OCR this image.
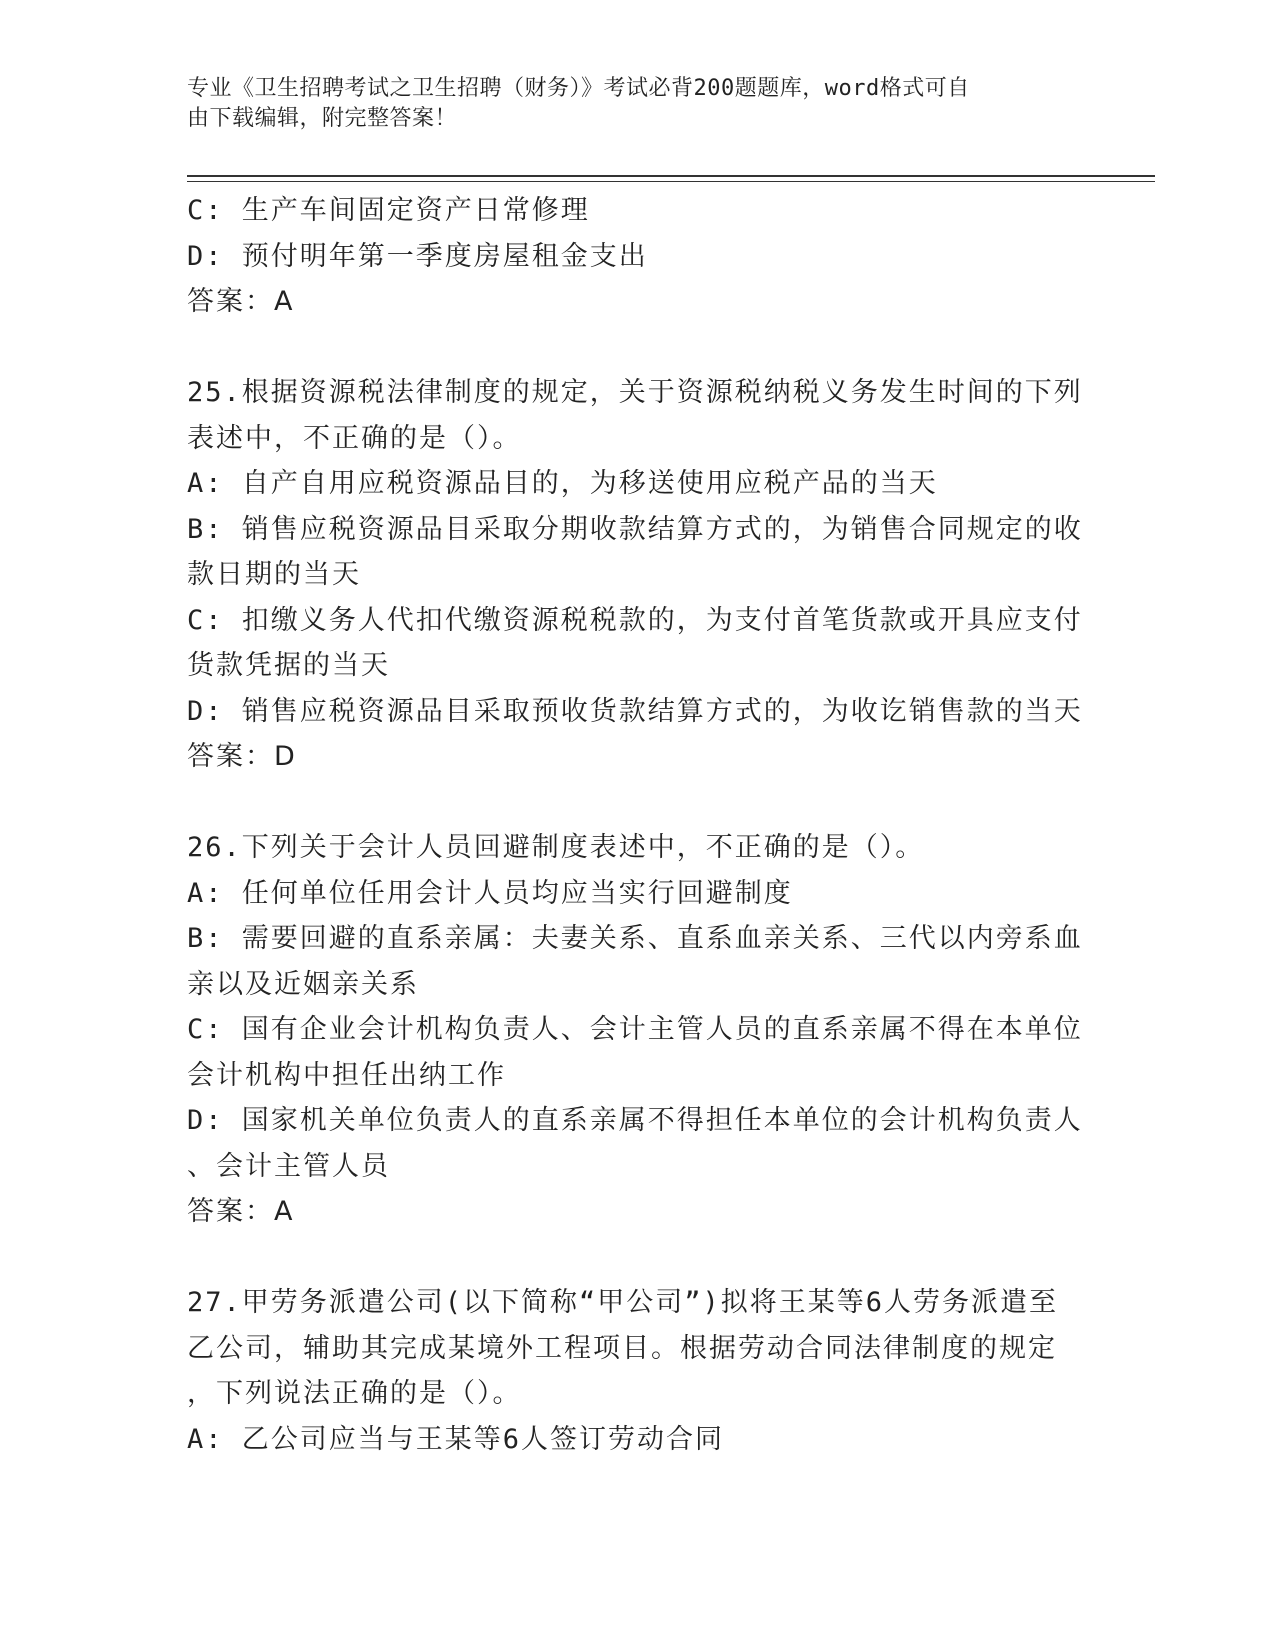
专业《卫生招聘考试之卫生招聘（财务）》考试必背200题题库，word格式可自
由下载编辑，附完整答案！
C: 生产车间固定资产日常修理
D: 预付明年第一季度房屋租金支出
答案：A
25.根据资源税法律制度的规定，关于资源税纳税义务发生时间的下列
表述中，不正确的是（）。
A: 自产自用应税资源品目的，为移送使用应税产品的当天
B: 销售应税资源品目采取分期收款结算方式的，为销售合同规定的收
款日期的当天
C: 扣缴义务人代扣代缴资源税税款的，为支付首笔货款或开具应支付
货款凭据的当天
D: 销售应税资源品目采取预收货款结算方式的，为收讫销售款的当天
答案：D
26.下列关于会计人员回避制度表述中，不正确的是（）。
A: 任何单位任用会计人员均应当实行回避制度
B: 需要回避的直系亲属：夫妻关系、直系血亲关系、三代以内旁系血
亲以及近姻亲关系
C: 国有企业会计机构负责人、会计主管人员的直系亲属不得在本单位
会计机构中担任出纳工作
D: 国家机关单位负责人的直系亲属不得担任本单位的会计机构负责人
、会计主管人员
答案：A
27.甲劳务派遣公司(以下简称“甲公司”)拟将王某等6人劳务派遣至
乙公司，辅助其完成某境外工程项目。根据劳动合同法律制度的规定
，下列说法正确的是（）。
A: 乙公司应当与王某等6人签订劳动合同
